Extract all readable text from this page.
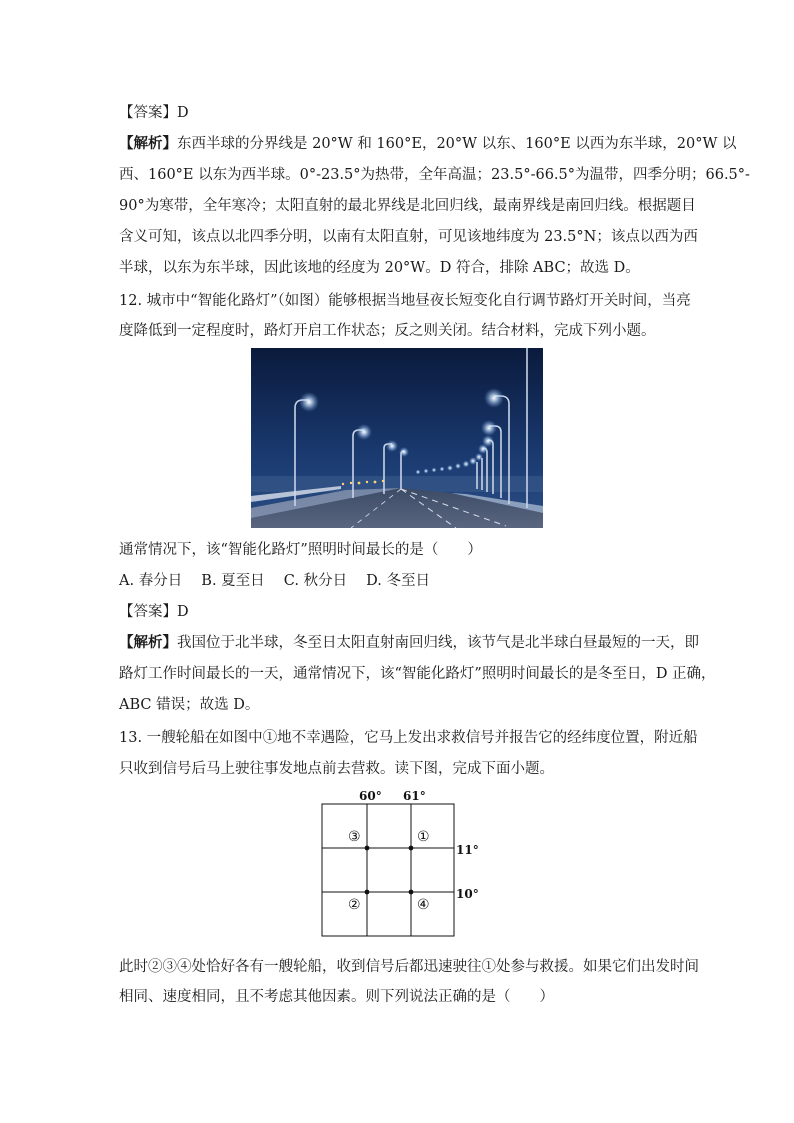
【答案】D
【解析】东西半球的分界线是 20°W 和 160°E，20°W 以东、160°E 以西为东半球，20°W 以
西、160°E 以东为西半球。0°-23.5°为热带，全年高温；23.5°-66.5°为温带，四季分明；66.5°-
90°为寒带，全年寒冷；太阳直射的最北界线是北回归线，最南界线是南回归线。根据题目
含义可知，该点以北四季分明，以南有太阳直射，可见该地纬度为 23.5°N；该点以西为西
半球，以东为东半球，因此该地的经度为 20°W。D 符合，排除 ABC；故选 D。
12. 城市中“智能化路灯”（如图）能够根据当地昼夜长短变化自行调节路灯开关时间，当亮
度降低到一定程度时，路灯开启工作状态；反之则关闭。结合材料，完成下列小题。
通常情况下，该“智能化路灯”照明时间最长的是（　　）
A. 春分日　 B. 夏至日　 C. 秋分日　 D. 冬至日
【答案】D
【解析】我国位于北半球，冬至日太阳直射南回归线，该节气是北半球白昼最短的一天，即
路灯工作时间最长的一天，通常情况下，该“智能化路灯”照明时间最长的是冬至日，D 正确，
ABC 错误；故选 D。
13. 一艘轮船在如图中①地不幸遇险，它马上发出求救信号并报告它的经纬度位置，附近船
只收到信号后马上驶往事发地点前去营救。读下图，完成下面小题。
60° 61°
11°
10°
①
③
②	④
此时②③④处恰好各有一艘轮船，收到信号后都迅速驶往①处参与救援。如果它们出发时间
相同、速度相同，且不考虑其他因素。则下列说法正确的是（　　）
